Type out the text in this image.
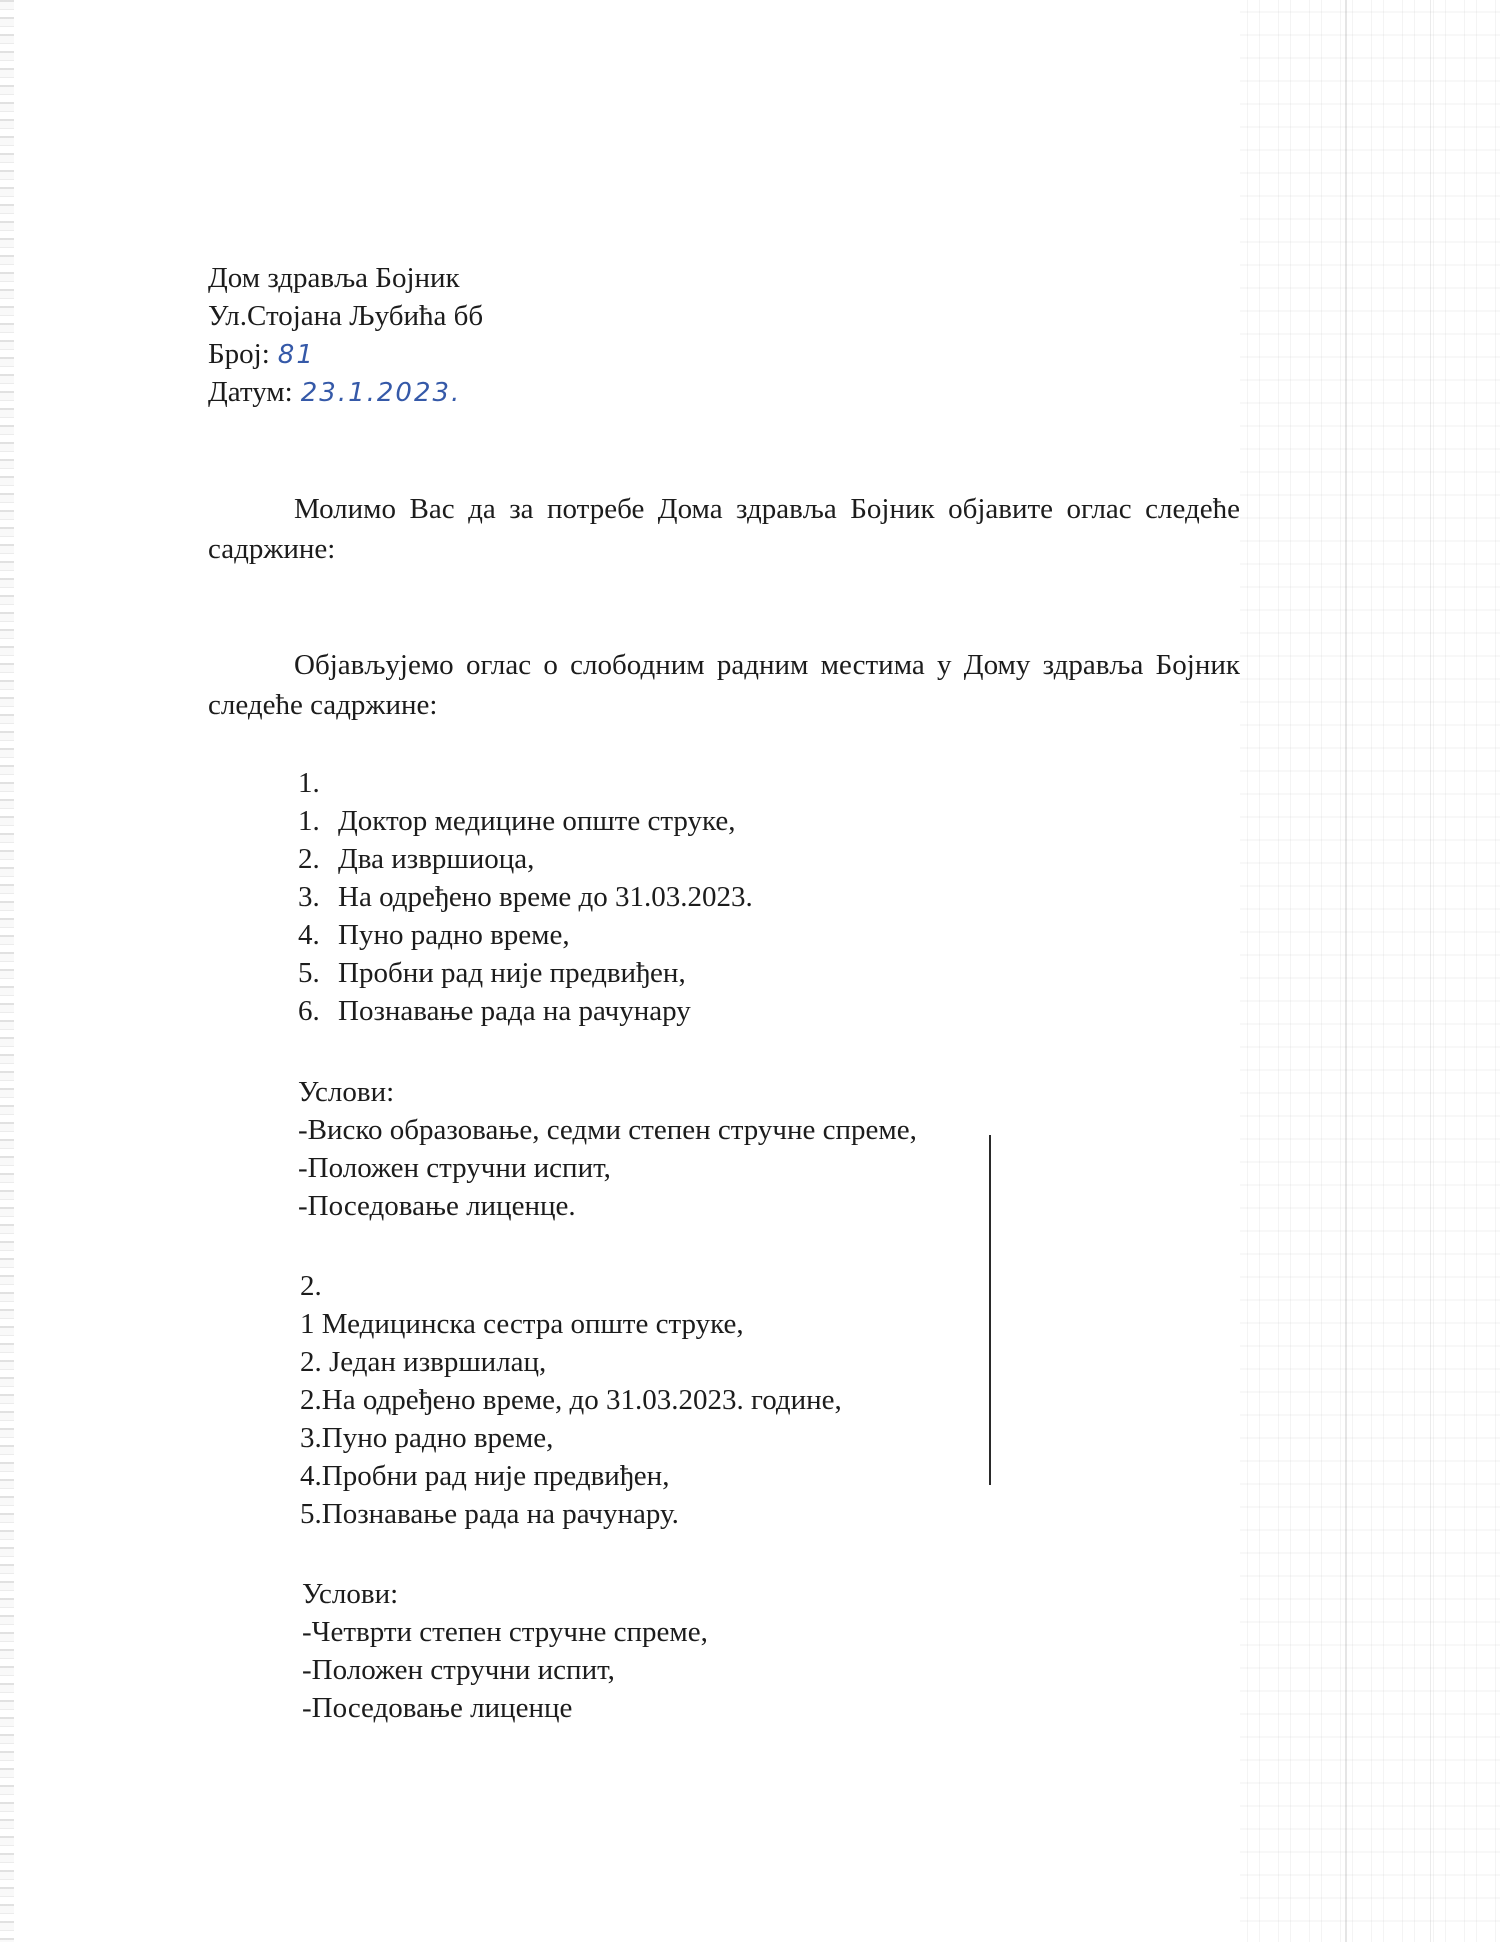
Дом здравља Бојник
Ул.Стојана Љубића бб
Број: 81
Датум: 23.1.2023.
Молимо Вас да за потребе Дома здравља Бојник објавите оглас следеће садржине:
Објављујемо оглас о слободним радним местима у Дому здравља Бојник следеће садржине:
1.
1. Доктор медицине опште струке,
2. Два извршиоца,
3. На одређено време до 31.03.2023.
4. Пуно радно време,
5. Пробни рад није предвиђен,
6. Познавање рада на рачунару
Услови:
-Виско образовање, седми степен стручне спреме,
-Положен стручни испит,
-Поседовање лиценце.
2.
1 Медицинска сестра опште струке,
2. Један извршилац,
2.На одређено време, до 31.03.2023. године,
3.Пуно радно време,
4.Пробни рад није предвиђен,
5.Познавање рада на рачунару.
Услови:
-Четврти степен стручне спреме,
-Положен стручни испит,
-Поседовање лиценце
